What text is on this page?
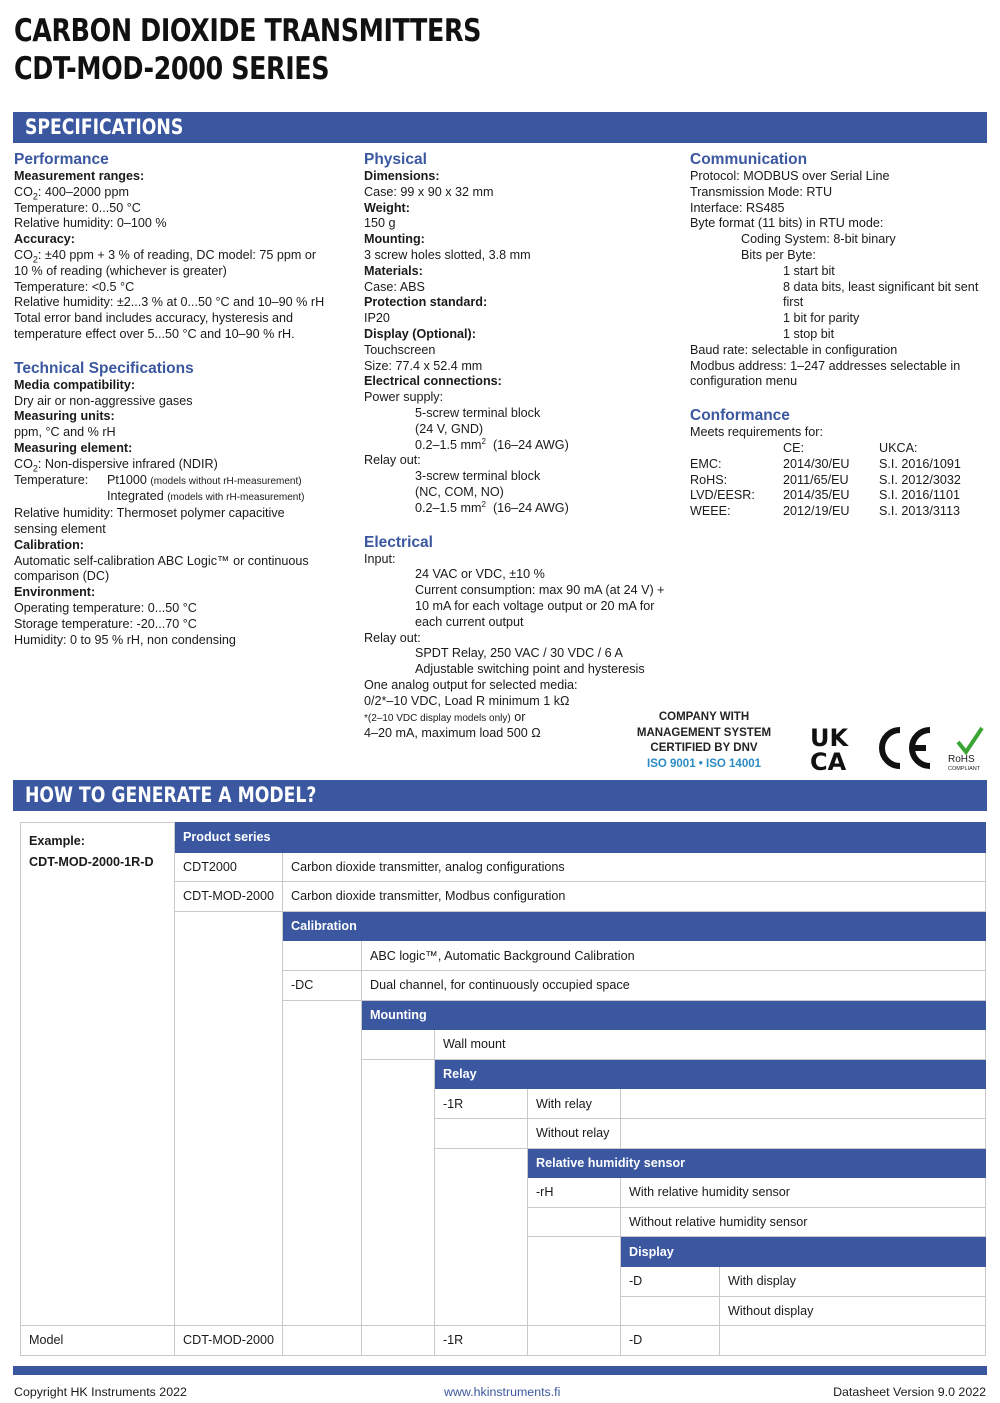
CARBON DIOXIDE TRANSMITTERS
CDT-MOD-2000 SERIES
SPECIFICATIONS
Performance
Measurement ranges:
$CO_2$: 400–2000 ppm
Temperature: 0...50 °C
Relative humidity: 0–100 %
Accuracy:
$CO_2$: ±40 ppm + 3 % of reading, DC model: 75 ppm or
10 % of reading (whichever is greater)
Temperature: <0.5 °C
Relative humidity: ±2...3 % at 0...50 °C and 10–90 % rH
Total error band includes accuracy, hysteresis and
temperature effect over 5...50 °C and 10–90 % rH.
Technical Specifications
Media compatibility:
Dry air or non-aggressive gases
Measuring units:
ppm, °C and % rH
Measuring element:
$CO_2$: Non-dispersive infrared (NDIR)
Temperature: Pt1000 (models without rH-measurement)
Integrated (models with rH-measurement)
Relative humidity: Thermoset polymer capacitive
sensing element
Calibration:
Automatic self-calibration ABC Logic™ or continuous
comparison (DC)
Environment:
Operating temperature: 0...50 °C
Storage temperature: -20...70 °C
Humidity: 0 to 95 % rH, non condensing
Physical
Dimensions:
Case: 99 x 90 x 32 mm
Weight:
150 g
Mounting:
3 screw holes slotted, 3.8 mm
Materials:
Case: ABS
Protection standard:
IP20
Display (Optional):
Touchscreen
Size: 77.4 x 52.4 mm
Electrical connections:
Power supply:
5-screw terminal block
(24 V, GND)
0.2–1.5 $mm^2$ (16–24 AWG)
Relay out:
3-screw terminal block
(NC, COM, NO)
0.2–1.5 $mm^2$ (16–24 AWG)
Electrical
Input:
24 VAC or VDC, ±10 %
Current consumption: max 90 mA (at 24 V) +
10 mA for each voltage output or 20 mA for
each current output
Relay out:
SPDT Relay, 250 VAC / 30 VDC / 6 A
Adjustable switching point and hysteresis
One analog output for selected media:
0/2*–10 VDC, Load R minimum 1 kΩ
*(2–10 VDC display models only) or
4–20 mA, maximum load 500 Ω
Communication
Protocol: MODBUS over Serial Line
Transmission Mode: RTU
Interface: RS485
Byte format (11 bits) in RTU mode:
Coding System: 8-bit binary
Bits per Byte:
1 start bit
8 data bits, least significant bit sent
first
1 bit for parity
1 stop bit
Baud rate: selectable in configuration
Modbus address: 1–247 addresses selectable in
configuration menu
Conformance
Meets requirements for:
	CE:	UKCA:
EMC:	2014/30/EU	S.I. 2016/1091
RoHS:	2011/65/EU	S.I. 2012/3032
LVD/EESR:	2014/35/EU	S.I. 2016/1101
WEEE:	2012/19/EU	S.I. 2013/3113
COMPANY WITH
MANAGEMENT SYSTEM
CERTIFIED BY DNV
ISO 9001 • ISO 14001
UK
CA	RoHS
COMPLIANT
HOW TO GENERATE A MODEL?
Example:
CDT-MOD-2000-1R-D	Product series						
	CDT2000	Carbon dioxide transmitter, analog configurations					
	CDT-MOD-2000	Carbon dioxide transmitter, Modbus configuration					
		Calibration					
			ABC logic™, Automatic Background Calibration				
		-DC	Dual channel, for continuously occupied space				
			Mounting				
				Wall mount			
				Relay			
				-1R	With relay		
					Without relay		
					Relative humidity sensor		
					-rH	With relative humidity sensor	
						Without relative humidity sensor	
						Display	
						-D	With display
							Without display
Model	CDT-MOD-2000			-1R		-D	
Copyright HK Instruments 2022	www.hkinstruments.fi	Datasheet Version 9.0 2022
